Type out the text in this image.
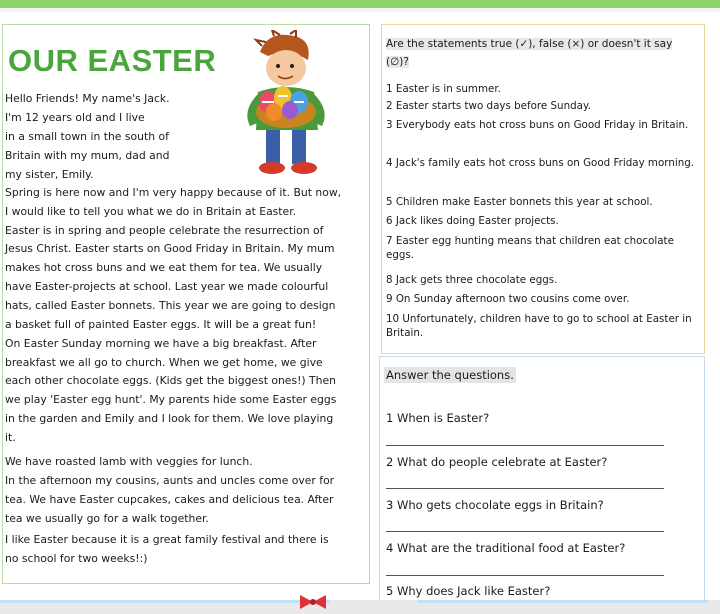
OUR EASTER
Hello Friends! My name's Jack.
I'm 12 years old and I live
in a small town in the south of
Britain with my mum, dad and
my sister, Emily.
Spring is here now and I'm very happy because of it. But now,
I would like to tell you what we do in Britain at Easter.
Easter is in spring and people celebrate the resurrection of
Jesus Christ. Easter starts on Good Friday in Britain. My mum
makes hot cross buns and we eat them for tea. We usually
have Easter-projects at school. Last year we made colourful
hats, called Easter bonnets. This year we are going to design
a basket full of painted Easter eggs. It will be a great fun!
On Easter Sunday morning we have a big breakfast. After
breakfast we all go to church. When we get home, we give
each other chocolate eggs. (Kids get the biggest ones!) Then
we play 'Easter egg hunt'. My parents hide some Easter eggs
in the garden and Emily and I look for them. We love playing
it.
We have roasted lamb with veggies for lunch.
In the afternoon my cousins, aunts and uncles come over for
tea. We have Easter cupcakes, cakes and delicious tea. After
tea we usually go for a walk together.
I like Easter because it is a great family festival and there is
no school for two weeks!:)
Are the statements true (✓), false (×) or doesn't it say (∅)?
1 Easter is in summer.
2 Easter starts two days before Sunday.
3 Everybody eats hot cross buns on Good Friday in Britain.
4 Jack's family eats hot cross buns on Good Friday morning.
5 Children make Easter bonnets this year at school.
6 Jack likes doing Easter projects.
7 Easter egg hunting means that children eat chocolate eggs.
8 Jack gets three chocolate eggs.
9 On Sunday afternoon two cousins come over.
10 Unfortunately, children have to go to school at Easter in Britain.
Answer the questions.
1 When is Easter?
2 What do people celebrate at Easter?
3 Who gets chocolate eggs in Britain?
4 What are the traditional food at Easter?
5 Why does Jack like Easter?
